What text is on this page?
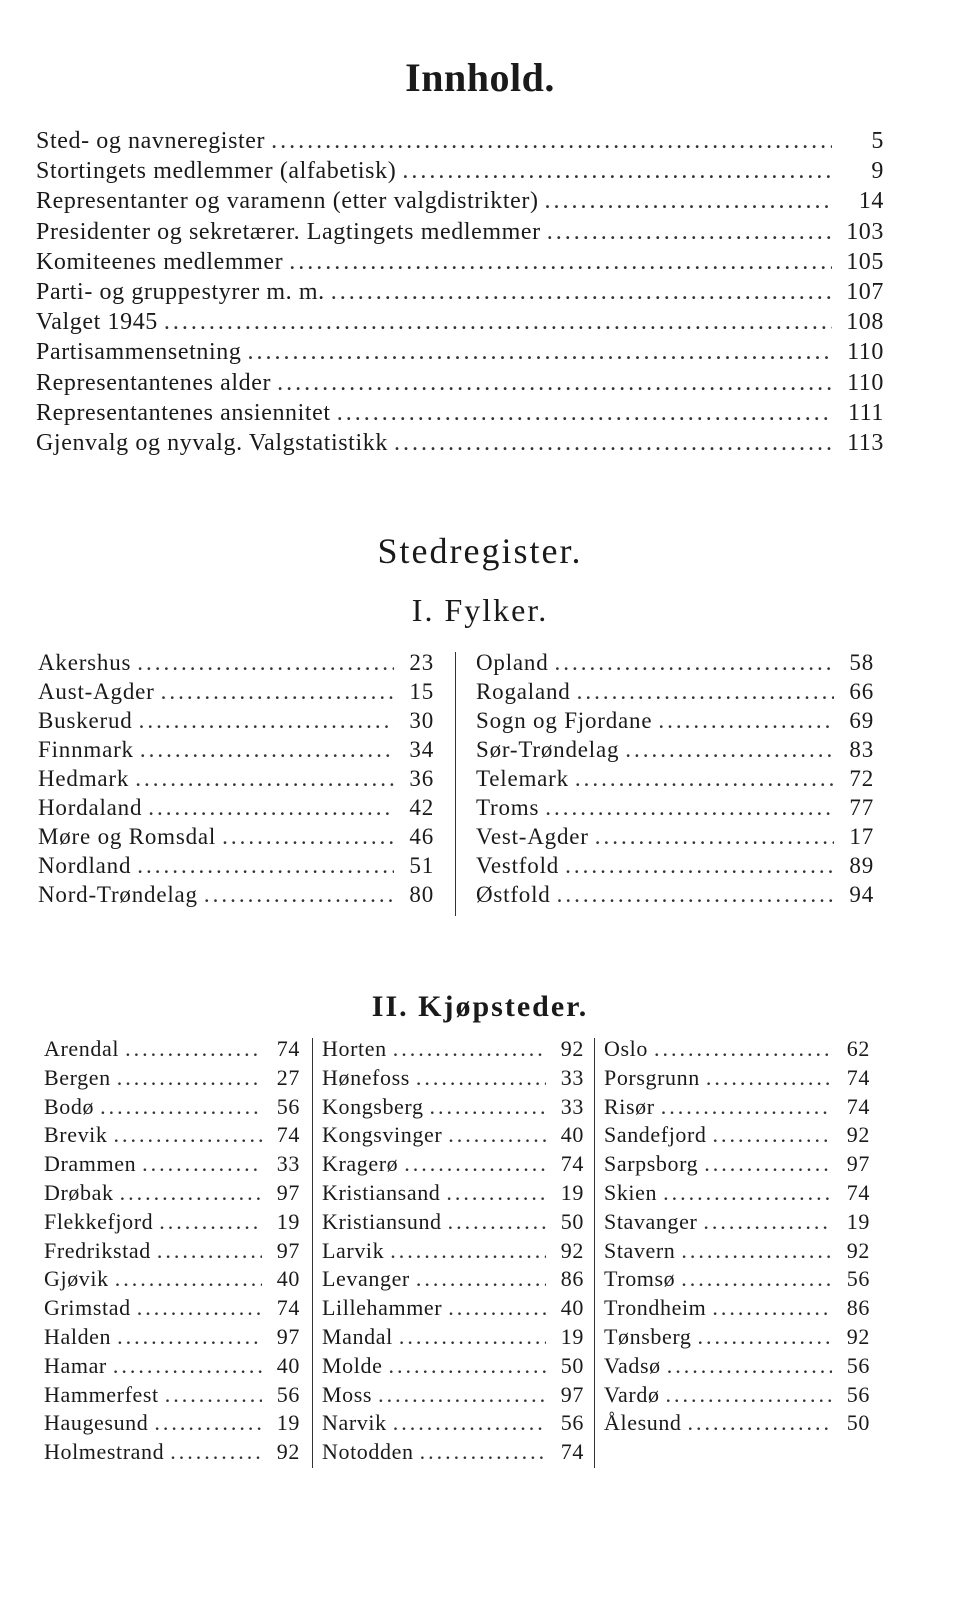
Innhold.
Sted- og navneregister .....	5
Stortingets medlemmer (alfabetisk) .....	9
Representanter og varamenn (etter valgdistrikter) .....	14
Presidenter og sekretærer. Lagtingets medlemmer .....	103
Komiteenes medlemmer .....	105
Parti- og gruppestyrer m. m. .....	107
Valget 1945 .....	108
Partisammensetning .....	110
Representantenes alder .....	110
Representantenes ansiennitet .....	111
Gjenvalg og nyvalg. Valgstatistikk .....	113
Stedregister.
I. Fylker.
Akershus .....	23
Aust-Agder .....	15
Buskerud .....	30
Finnmark .....	34
Hedmark .....	36
Hordaland .....	42
Møre og Romsdal .....	46
Nordland .....	51
Nord-Trøndelag .....	80
Opland .....	58
Rogaland .....	66
Sogn og Fjordane .....	69
Sør-Trøndelag .....	83
Telemark .....	72
Troms .....	77
Vest-Agder .....	17
Vestfold .....	89
Østfold .....	94
II. Kjøpsteder.
Arendal .....	74
Bergen .....	27
Bodø .....	56
Brevik .....	74
Drammen .....	33
Drøbak .....	97
Flekkefjord .....	19
Fredrikstad .....	97
Gjøvik .....	40
Grimstad .....	74
Halden .....	97
Hamar .....	40
Hammerfest .....	56
Haugesund .....	19
Holmestrand .....	92
Horten .....	92
Hønefoss .....	33
Kongsberg .....	33
Kongsvinger .....	40
Kragerø .....	74
Kristiansand .....	19
Kristiansund .....	50
Larvik .....	92
Levanger .....	86
Lillehammer .....	40
Mandal .....	19
Molde .....	50
Moss .....	97
Narvik .....	56
Notodden .....	74
Oslo .....	62
Porsgrunn .....	74
Risør .....	74
Sandefjord .....	92
Sarpsborg .....	97
Skien .....	74
Stavanger .....	19
Stavern .....	92
Tromsø .....	56
Trondheim .....	86
Tønsberg .....	92
Vadsø .....	56
Vardø .....	56
Ålesund .....	50
